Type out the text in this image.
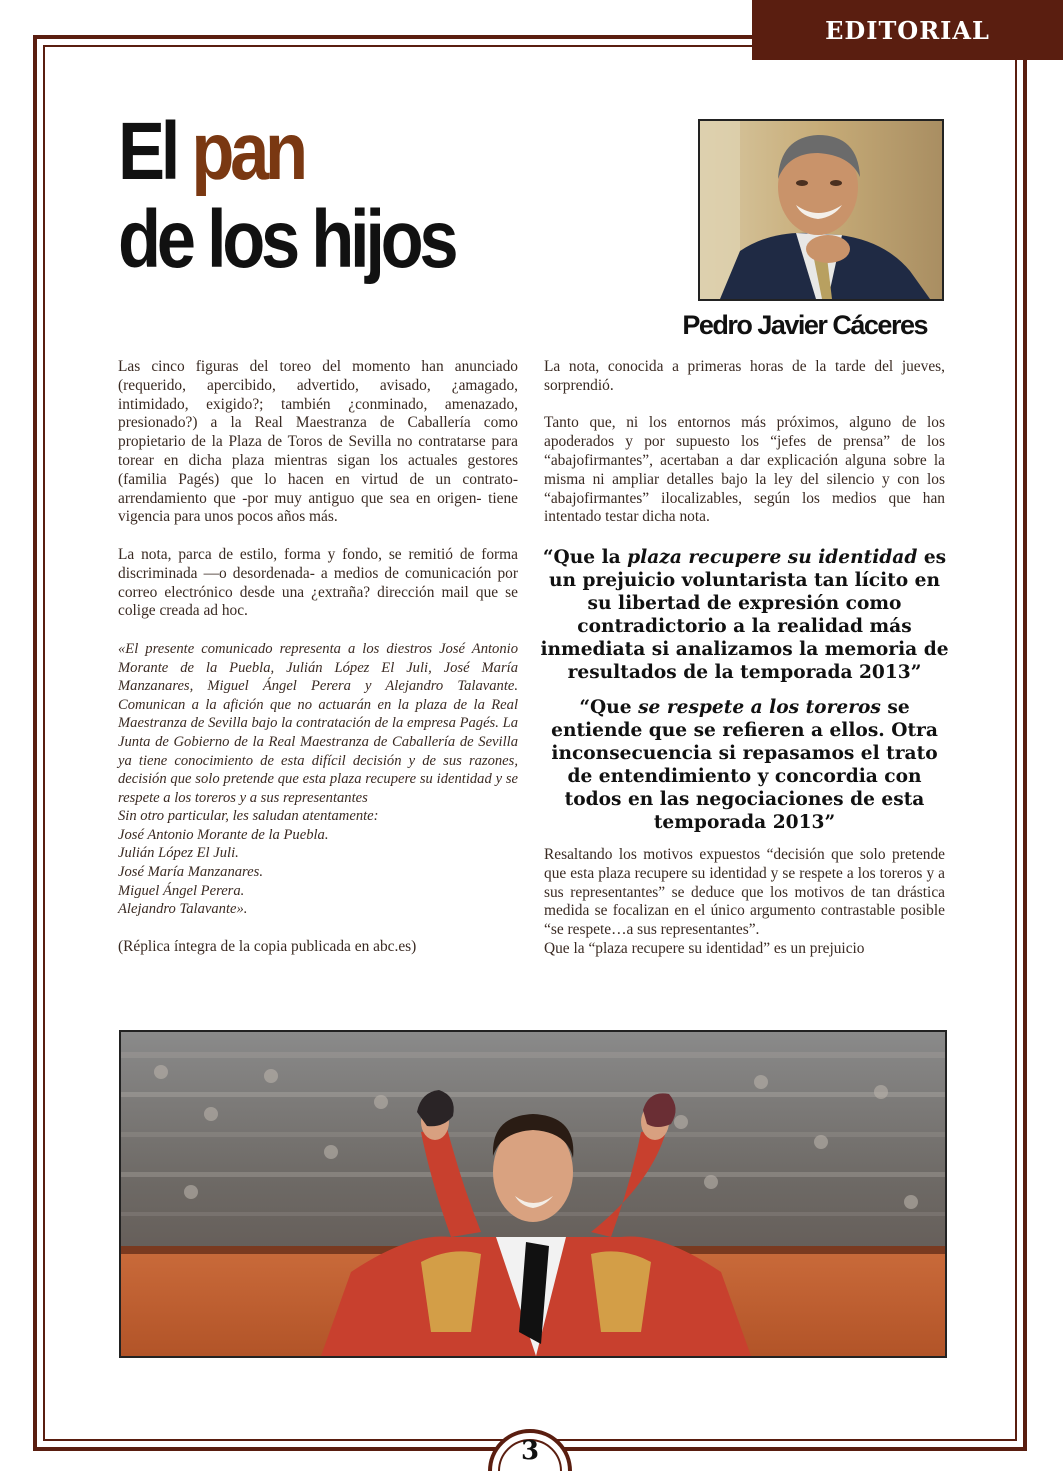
EDITORIAL
El pan
de los hijos
Pedro Javier Cáceres

Las cinco figuras del toreo del momento han anunciado (requerido, apercibido, advertido, avisado, ¿amagado, intimidado, exigido?; también ¿conminado, amenazado, presionado?) a la Real Maestranza de Caballería como propietario de la Plaza de Toros de Sevilla no contratarse para torear en dicha plaza mientras sigan los actuales gestores (familia Pagés) que lo hacen en virtud de un contrato-arrendamiento que -por muy antiguo que sea en origen- tiene vigencia para unos pocos años más.

La nota, parca de estilo, forma y fondo, se remitió de forma discriminada —o desordenada- a medios de comunicación por correo electrónico desde una ¿extraña? dirección mail que se colige creada ad hoc.

«El presente comunicado representa a los diestros José Antonio Morante de la Puebla, Julián López El Juli, José María Manzanares, Miguel Ángel Perera y Alejandro Talavante. Comunican a la afición que no actuarán en la plaza de la Real Maestranza de Sevilla bajo la contratación de la empresa Pagés. La Junta de Gobierno de la Real Maestranza de Caballería de Sevilla ya tiene conocimiento de esta difícil decisión y de sus razones, decisión que solo pretende que esta plaza recupere su identidad y se respete a los toreros y a sus representantes
Sin otro particular, les saludan atentamente:
José Antonio Morante de la Puebla.
Julián López El Juli.
José María Manzanares.
Miguel Ángel Perera.
Alejandro Talavante».

(Réplica íntegra de la copia publicada en abc.es)

La nota, conocida a primeras horas de la tarde del jueves, sorprendió.

Tanto que, ni los entornos más próximos, alguno de los apoderados y por supuesto los “jefes de prensa” de los “abajofirmantes”, acertaban a dar explicación alguna sobre la misma ni ampliar detalles bajo la ley del silencio y con los “abajofirmantes” ilocalizables, según los medios que han intentado testar dicha nota.

“Que la plaza recupere su identidad es un prejuicio voluntarista tan lícito en su libertad de expresión como contradictorio a la realidad más inmediata si analizamos la memoria de resultados de la temporada 2013”
“Que se respete a los toreros se entiende que se refieren a ellos. Otra inconsecuencia si repasamos el trato de entendimiento y concordia con todos en las negociaciones de esta temporada 2013”

Resaltando los motivos expuestos “decisión que solo pretende que esta plaza recupere su identidad y se respete a los toreros y a sus representantes” se deduce que los motivos de tan drástica medida se focalizan en el único argumento contrastable posible “se respete…a sus representantes”.

Que la “plaza recupere su identidad” es un prejuicio

3
